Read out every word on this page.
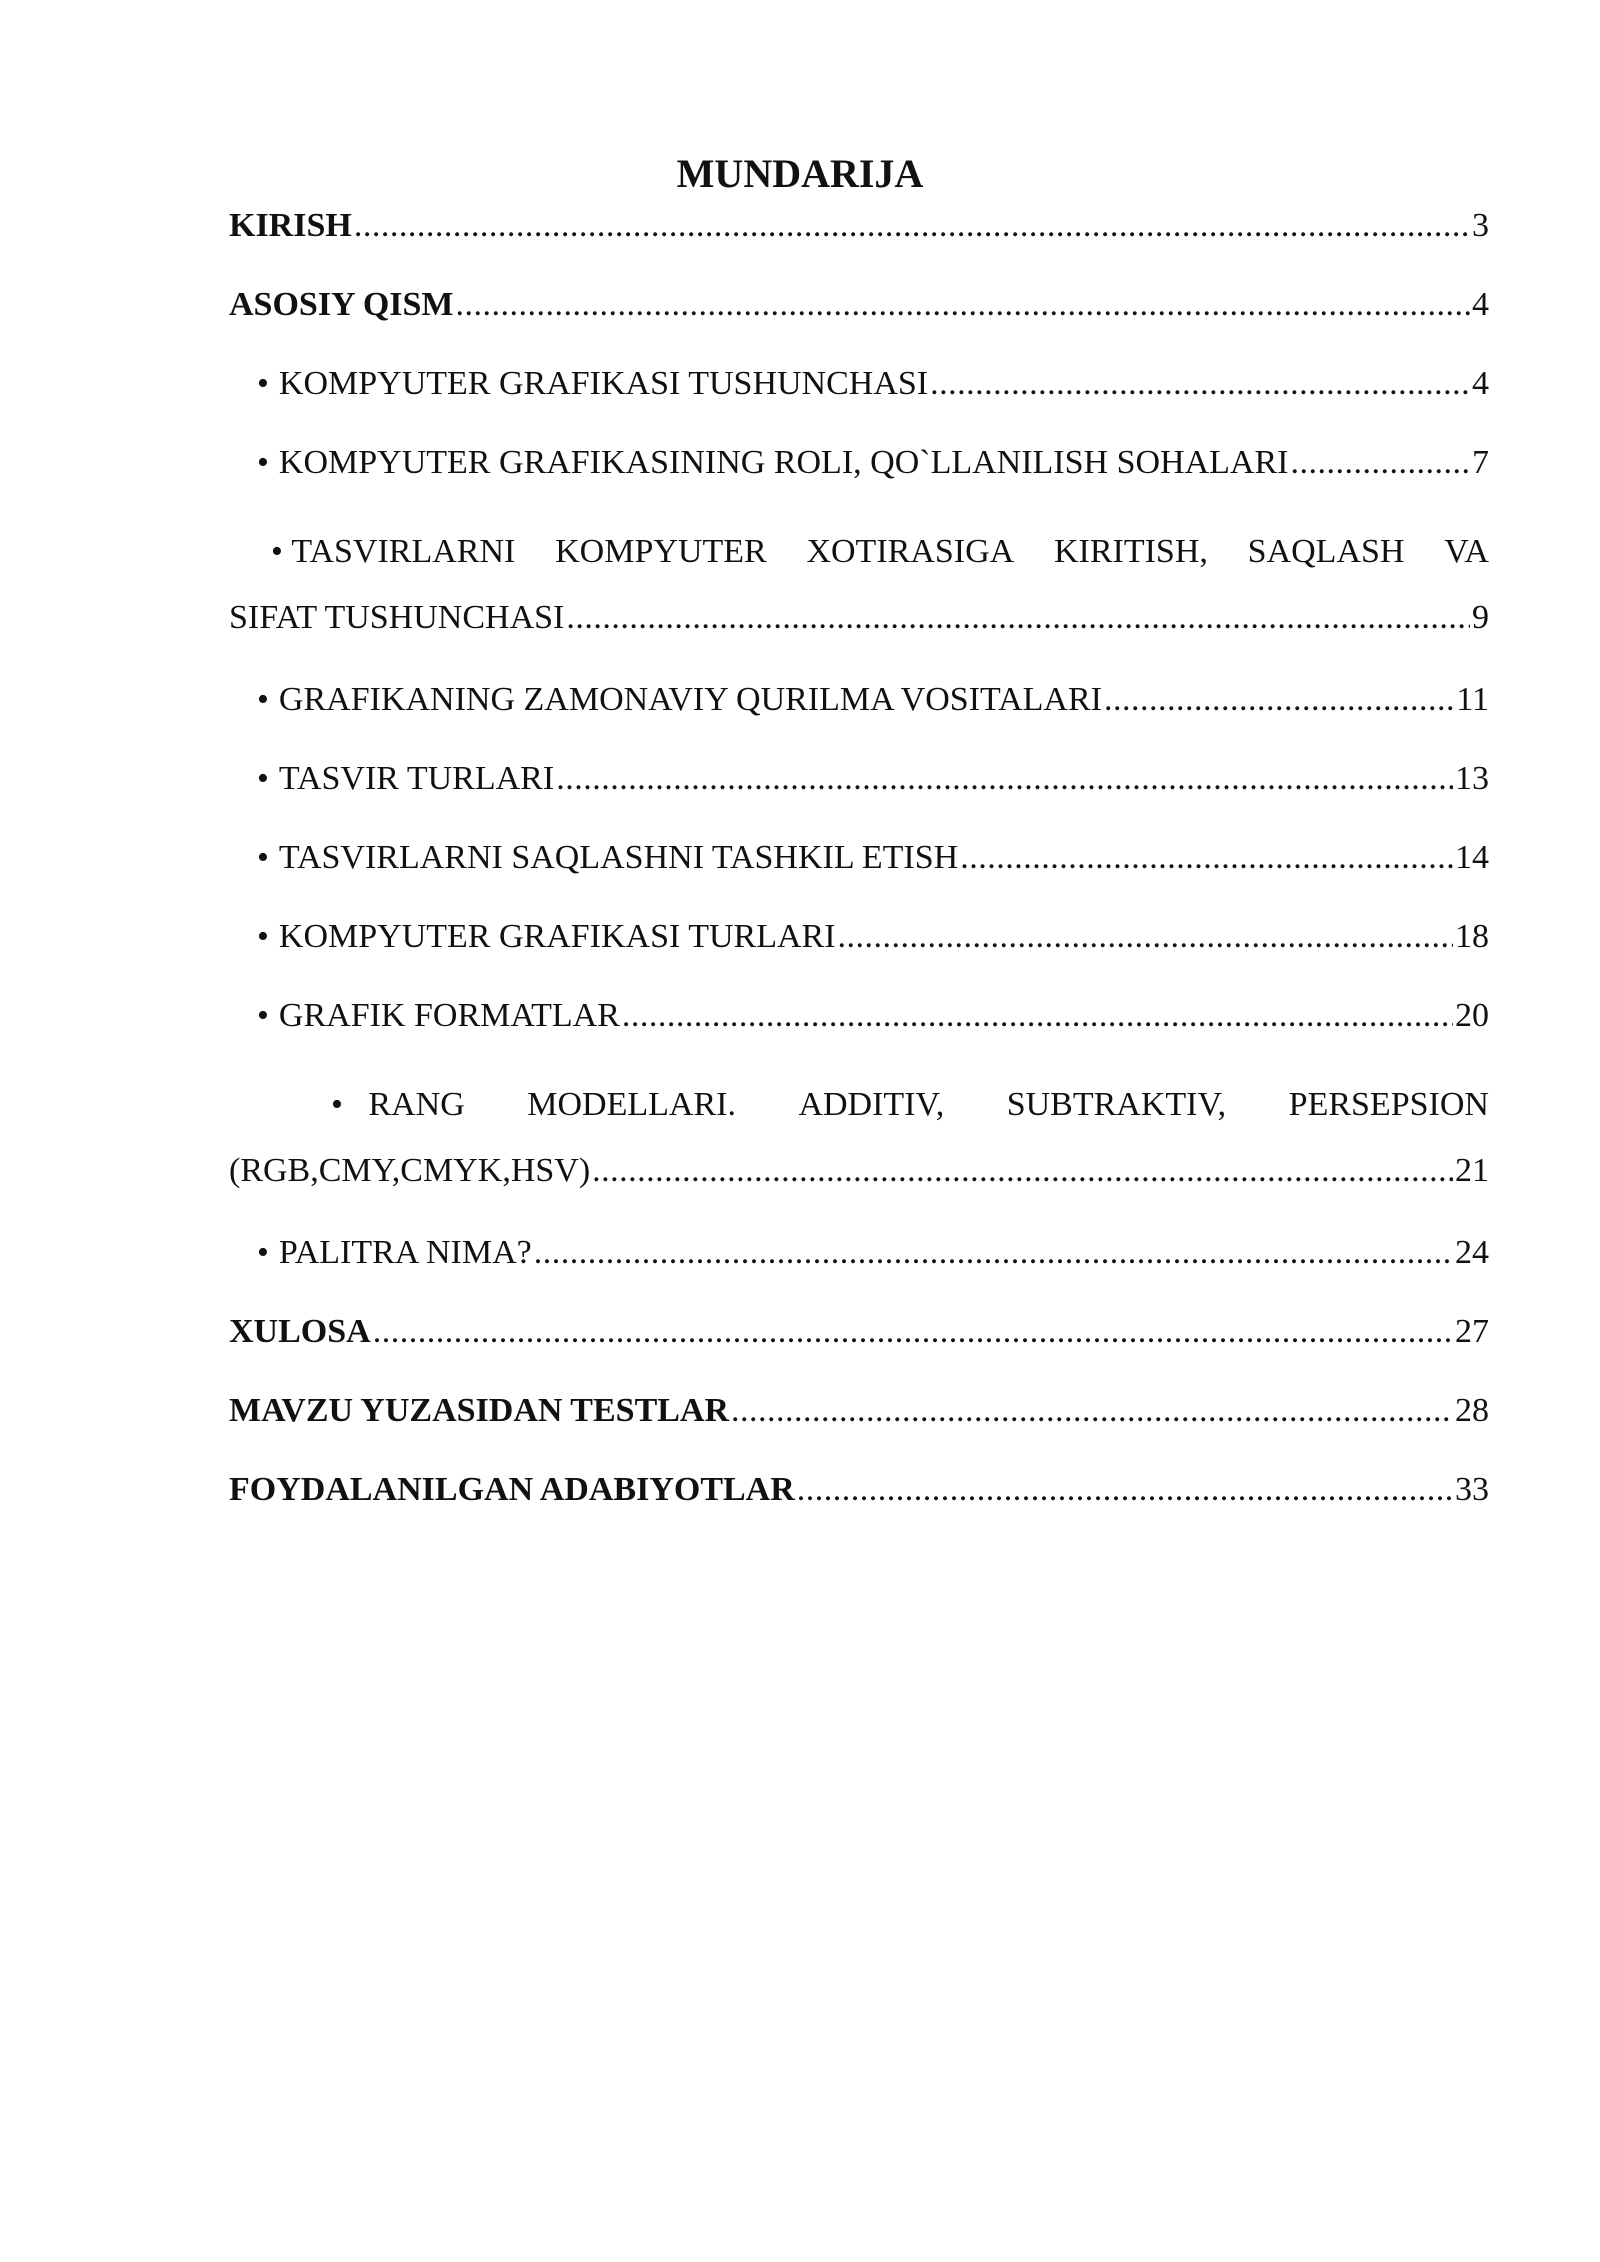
MUNDARIJA
KIRISH .....	3
ASOSIY QISM .....	4
• KOMPYUTER GRAFIKASI TUSHUNCHASI .....	4
• KOMPYUTER GRAFIKASINING ROLI, QO`LLANILISH SOHALARI .....	7
• TASVIRLARNI KOMPYUTER XOTIRASIGA KIRITISH, SAQLASH VA
SIFAT TUSHUNCHASI .....	9
• GRAFIKANING ZAMONAVIY QURILMA VOSITALARI .....	11
• TASVIR TURLARI .....	13
• TASVIRLARNI SAQLASHNI TASHKIL ETISH .....	14
• KOMPYUTER GRAFIKASI TURLARI .....	18
• GRAFIK FORMATLAR .....	20
• RANG MODELLARI. ADDITIV, SUBTRAKTIV, PERSEPSION
(RGB,CMY,CMYK,HSV) .....	21
• PALITRA NIMA? .....	24
XULOSA .....	27
MAVZU YUZASIDAN TESTLAR .....	28
FOYDALANILGAN ADABIYOTLAR .....	33
